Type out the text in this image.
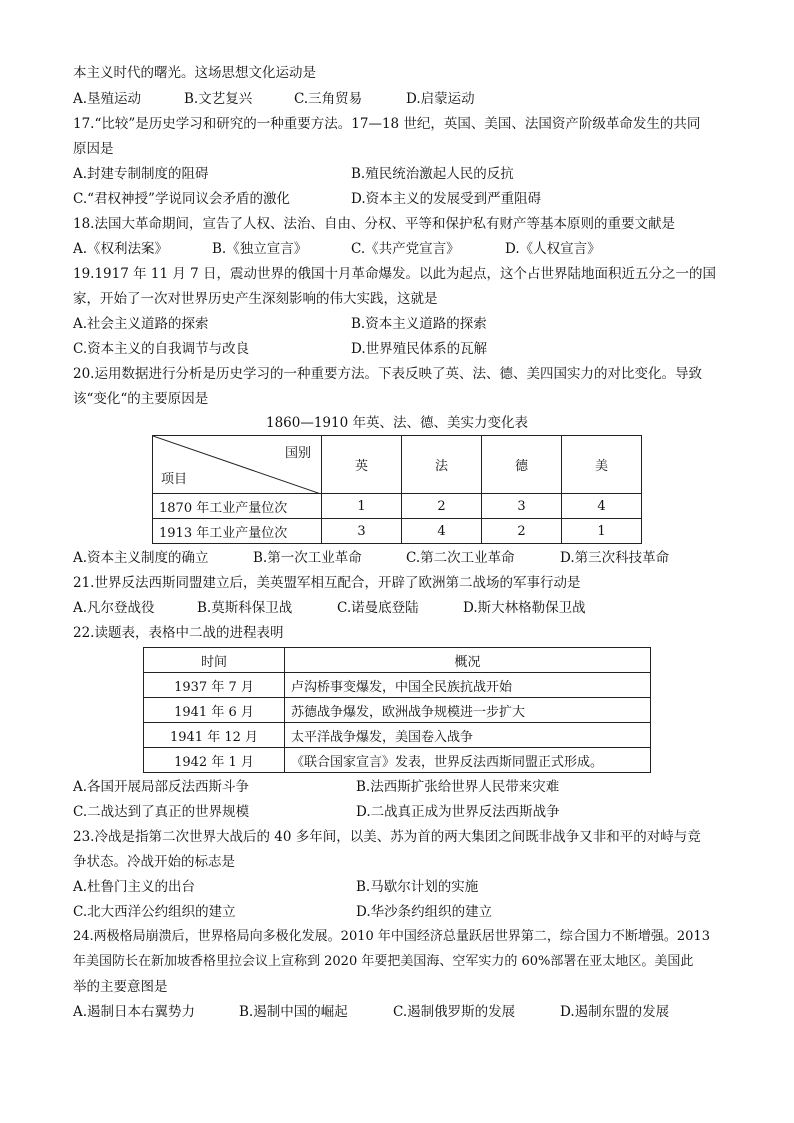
本主义时代的曙光。这场思想文化运动是
A.垦殖运动	B.文艺复兴	C.三角贸易	D.启蒙运动
17.“比较”是历史学习和研究的一种重要方法。17—18 世纪，英国、美国、法国资产阶级革命发生的共同
原因是
A.封建专制制度的阻碍	B.殖民统治激起人民的反抗
C.“君权神授”学说同议会矛盾的激化	D.资本主义的发展受到严重阻碍
18.法国大革命期间，宣告了人权、法治、自由、分权、平等和保护私有财产等基本原则的重要文献是
A.《权利法案》	B.《独立宣言》	C.《共产党宣言》	D.《人权宣言》
19.1917 年 11 月 7 日，震动世界的俄国十月革命爆发。以此为起点，这个占世界陆地面积近五分之一的国
家，开始了一次对世界历史产生深刻影响的伟大实践，这就是
A.社会主义道路的探索	B.资本主义道路的探索
C.资本主义的自我调节与改良	D.世界殖民体系的瓦解
20.运用数据进行分析是历史学习的一种重要方法。下表反映了英、法、德、美四国实力的对比变化。导致
该“变化“的主要原因是
1860—1910 年英、法、德、美实力变化表
国别
项目	英	法	德	美
1870 年工业产量位次	1	2	3	4
1913 年工业产量位次	3	4	2	1
A.资本主义制度的确立	B.第一次工业革命	C.第二次工业革命	D.第三次科技革命
21.世界反法西斯同盟建立后，美英盟军相互配合，开辟了欧洲第二战场的军事行动是
A.凡尔登战役	B.莫斯科保卫战	C.诺曼底登陆	D.斯大林格勒保卫战
22.读题表，表格中二战的进程表明
时间	概况
1937 年 7 月	卢沟桥事变爆发，中国全民族抗战开始
1941 年 6 月	苏德战争爆发，欧洲战争规模进一步扩大
1941 年 12 月	太平洋战争爆发，美国卷入战争
1942 年 1 月	《联合国家宣言》发表，世界反法西斯同盟正式形成。
A.各国开展局部反法西斯斗争	B.法西斯扩张给世界人民带来灾难
C.二战达到了真正的世界规模	D.二战真正成为世界反法西斯战争
23.冷战是指第二次世界大战后的 40 多年间，以美、苏为首的两大集团之间既非战争又非和平的对峙与竞
争状态。冷战开始的标志是
A.杜鲁门主义的出台	B.马歇尔计划的实施
C.北大西洋公约组织的建立	D.华沙条约组织的建立
24.两极格局崩溃后，世界格局向多极化发展。2010 年中国经济总量跃居世界第二，综合国力不断增强。2013
年美国防长在新加坡香格里拉会议上宣称到 2020 年要把美国海、空军实力的 60%部署在亚太地区。美国此
举的主要意图是
A.遏制日本右翼势力	B.遏制中国的崛起	C.遏制俄罗斯的发展	D.遏制东盟的发展
